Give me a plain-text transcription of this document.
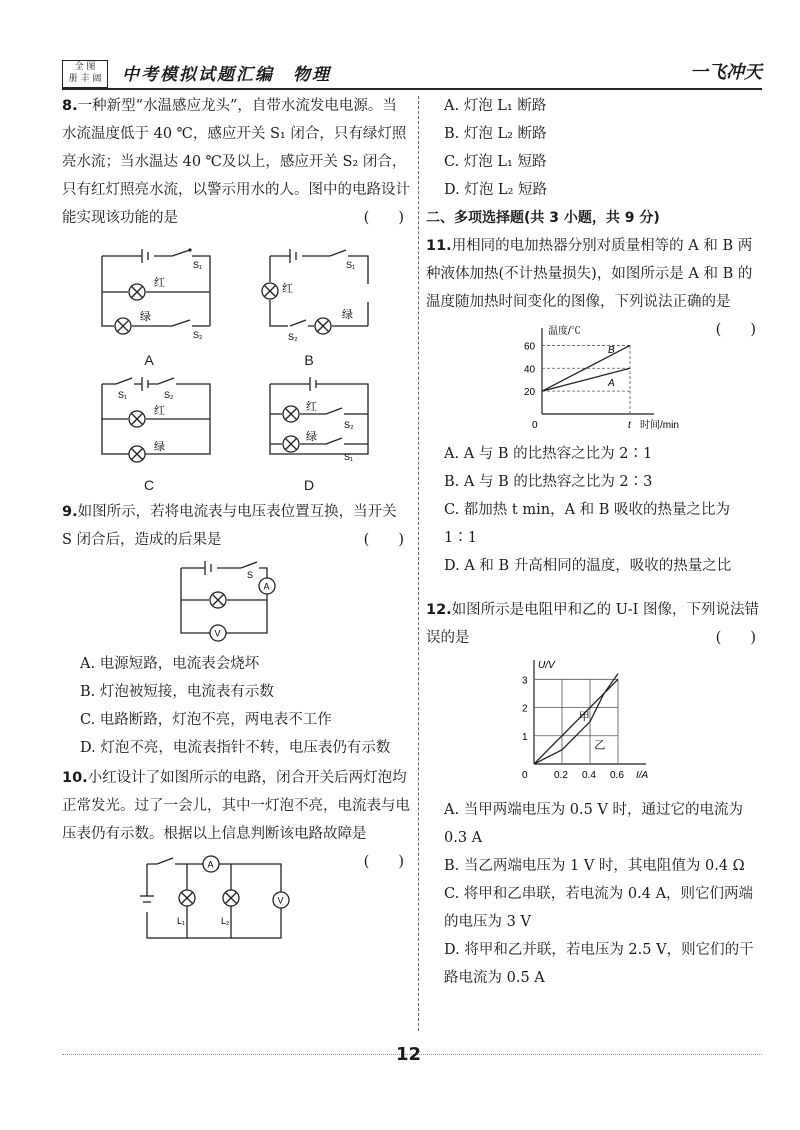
全 图
册 丰 阔	中考模拟试题汇编　物理	一飞冲天

8.一种新型“水温感应龙头”，自带水流发电电源。当水流温度低于 40 ℃，感应开关 S₁ 闭合，只有绿灯照亮水流；当水温达 40 ℃及以上，感应开关 S₂ 闭合，只有红灯照亮水流，以警示用水的人。图中的电路设计能实现该功能的是	(　　)

S₁
红
绿
S₂
A
S₁
红
绿
S₂
B
S₁	S₂
红
绿
C
红
S₂
绿
S₁
D

9.如图所示，若将电流表与电压表位置互换，当开关 S 闭合后，造成的后果是	(　　)

S
A
V

A. 电源短路，电流表会烧坏

B. 灯泡被短接，电流表有示数

C. 电路断路，灯泡不亮，两电表不工作

D. 灯泡不亮，电流表指针不转，电压表仍有示数

10.小红设计了如图所示的电路，闭合开关后两灯泡均正常发光。过了一会儿，其中一灯泡不亮，电流表与电压表仍有示数。根据以上信息判断该电路故障是
(　　)

A
V
L₁	L₂

A. 灯泡 L₁ 断路

B. 灯泡 L₂ 断路

C. 灯泡 L₁ 短路

D. 灯泡 L₂ 短路

二、多项选择题(共 3 小题，共 9 分)

11.用相同的电加热器分别对质量相等的 A 和 B 两种液体加热(不计热量损失)，如图所示是 A 和 B 的温度随加热时间变化的图像，下列说法正确的是
(　　)

20
40
60
0	t
温度/℃
时间/min
A
B

A. A 与 B 的比热容之比为 2∶1

B. A 与 B 的比热容之比为 2∶3

C. 都加热 t min，A 和 B 吸收的热量之比为 1∶1

D. A 和 B 升高相同的温度，吸收的热量之比

12.如图所示是电阻甲和乙的 U-I 图像，下列说法错误的是	(　　)

1
2
3
0.2 0.4 0.6
0
U/V
I/A
甲
乙

A. 当甲两端电压为 0.5 V 时，通过它的电流为 0.3 A

B. 当乙两端电压为 1 V 时，其电阻值为 0.4 Ω

C. 将甲和乙串联，若电流为 0.4 A，则它们两端的电压为 3 V

D. 将甲和乙并联，若电压为 2.5 V，则它们的干路电流为 0.5 A

12
